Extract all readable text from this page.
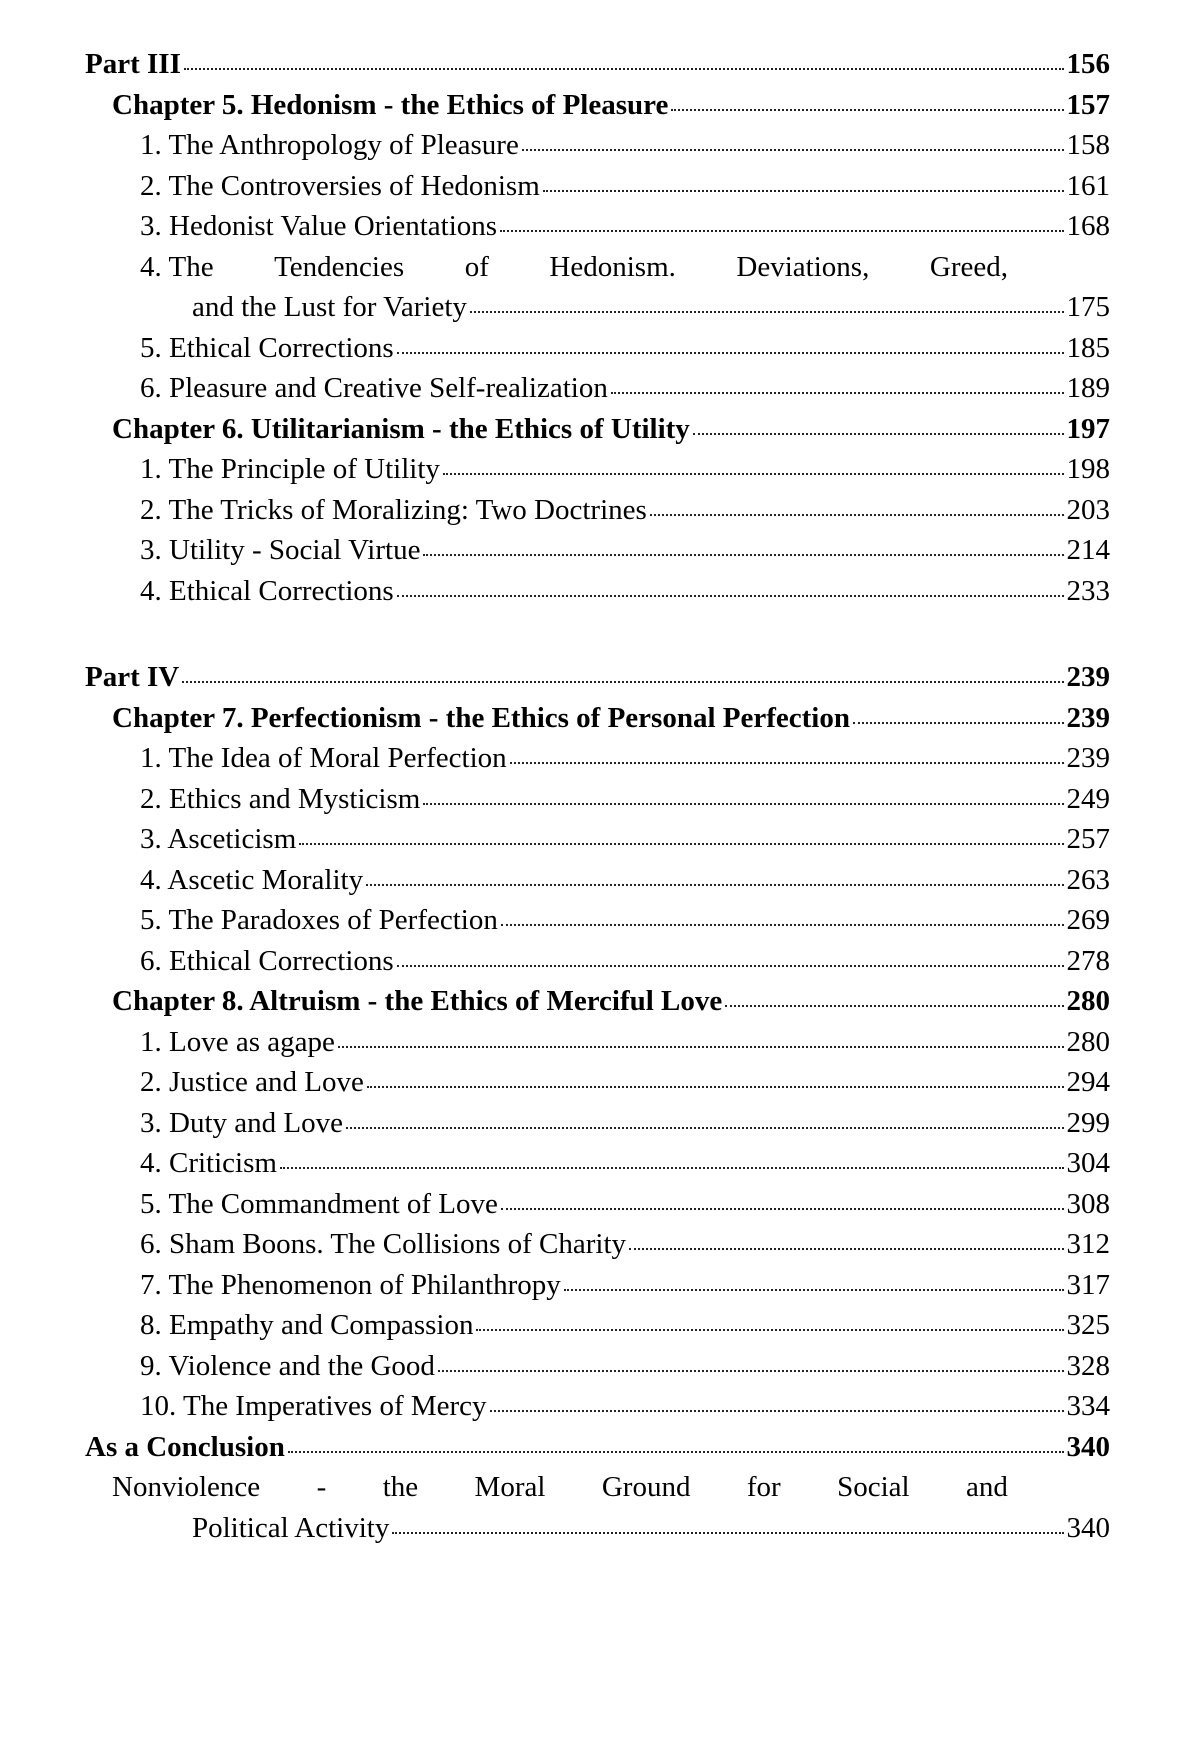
Part III	156
Chapter 5. Hedonism - the Ethics of Pleasure	157
1. The Anthropology of Pleasure	158
2. The Controversies of Hedonism	161
3. Hedonist Value Orientations	168
4. The Tendencies of Hedonism. Deviations, Greed,
and the Lust for Variety	175
5. Ethical Corrections	185
6. Pleasure and Creative Self-realization	189
Chapter 6. Utilitarianism - the Ethics of Utility	197
1. The Principle of Utility	198
2. The Tricks of Moralizing: Two Doctrines	203
3. Utility - Social Virtue	214
4. Ethical Corrections	233
Part IV	239
Chapter 7. Perfectionism - the Ethics of Personal Perfection	239
1. The Idea of Moral Perfection	239
2. Ethics and Mysticism	249
3. Asceticism	257
4. Ascetic Morality	263
5. The Paradoxes of Perfection	269
6. Ethical Corrections	278
Chapter 8. Altruism - the Ethics of Merciful Love	280
1. Love as agape	280
2. Justice and Love	294
3. Duty and Love	299
4. Criticism	304
5. The Commandment of Love	308
6. Sham Boons. The Collisions of Charity	312
7. The Phenomenon of Philanthropy	317
8. Empathy and Compassion	325
9. Violence and the Good	328
10. The Imperatives of Mercy	334
As a Conclusion	340
Nonviolence - the Moral Ground for Social and
Political Activity	340
